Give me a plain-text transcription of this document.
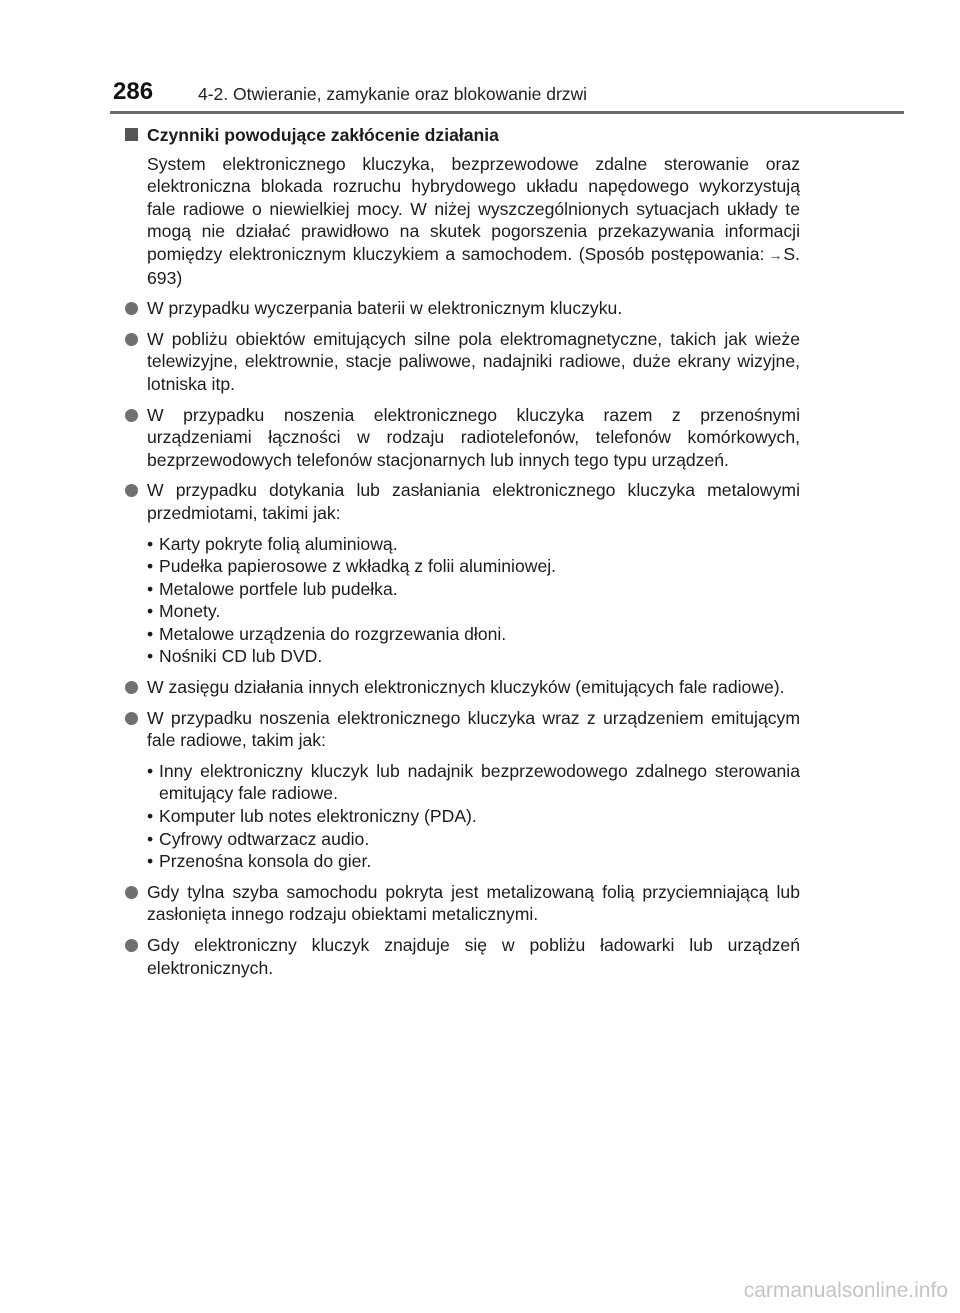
286	4-2. Otwieranie, zamykanie oraz blokowanie drzwi
Czynniki powodujące zakłócenie działania
System elektronicznego kluczyka, bezprzewodowe zdalne sterowanie oraz elektroniczna blokada rozruchu hybrydowego układu napędowego wykorzystują fale radiowe o niewielkiej mocy. W niżej wyszczególnionych sytuacjach układy te mogą nie działać prawidłowo na skutek pogorszenia przekazywania informacji pomiędzy elektronicznym kluczykiem a samochodem. (Sposób postępowania: →S. 693)
W przypadku wyczerpania baterii w elektronicznym kluczyku.
W pobliżu obiektów emitujących silne pola elektromagnetyczne, takich jak wieże telewizyjne, elektrownie, stacje paliwowe, nadajniki radiowe, duże ekrany wizyjne, lotniska itp.
W przypadku noszenia elektronicznego kluczyka razem z przenośnymi urządzeniami łączności w rodzaju radiotelefonów, telefonów komórkowych, bezprzewodowych telefonów stacjonarnych lub innych tego typu urządzeń.
W przypadku dotykania lub zasłaniania elektronicznego kluczyka metalowymi przedmiotami, takimi jak:
• Karty pokryte folią aluminiową.
• Pudełka papierosowe z wkładką z folii aluminiowej.
• Metalowe portfele lub pudełka.
• Monety.
• Metalowe urządzenia do rozgrzewania dłoni.
• Nośniki CD lub DVD.
W zasięgu działania innych elektronicznych kluczyków (emitujących fale radiowe).
W przypadku noszenia elektronicznego kluczyka wraz z urządzeniem emitującym fale radiowe, takim jak:
• Inny elektroniczny kluczyk lub nadajnik bezprzewodowego zdalnego sterowania emitujący fale radiowe.
• Komputer lub notes elektroniczny (PDA).
• Cyfrowy odtwarzacz audio.
• Przenośna konsola do gier.
Gdy tylna szyba samochodu pokryta jest metalizowaną folią przyciemniającą lub zasłonięta innego rodzaju obiektami metalicznymi.
Gdy elektroniczny kluczyk znajduje się w pobliżu ładowarki lub urządzeń elektronicznych.
carmanualsonline.info
